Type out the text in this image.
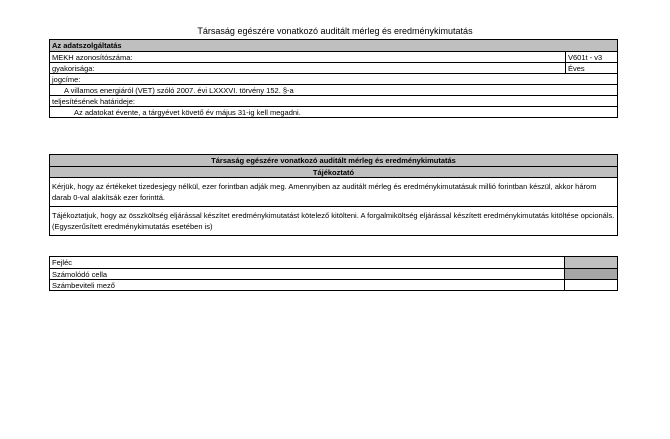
Társaság egészére vonatkozó auditált mérleg és eredménykimutatás
Az adatszolgáltatás
MEKH azonosítószáma:	V601t - v3
gyakorisága:	Éves
jogcíme:
A villamos energiáról (VET) szóló 2007. évi LXXXVI. törvény 152. §-a
teljesítésének határideje:
Az adatokat évente, a tárgyévet követő év május 31-ig kell megadni.
Társaság egészére vonatkozó auditált mérleg és eredménykimutatás
Tájékoztató
Kérjük, hogy az értékeket tizedesjegy nélkül, ezer forintban adják meg. Amennyiben az auditált mérleg és eredménykimutatásuk millió forintban készül, akkor három darab 0-val alakítsák ezer forinttá.
Tájékoztatjuk, hogy az összköltség eljárással készítet eredménykimutatást kötelező kitölteni. A forgalmiköltség eljárással készített eredménykimutatás kitöltése opcionáls. (Egyszerűsített eredménykimutatás esetében is)
Fejléc
Számolódó cella
Számbeviteli mező
